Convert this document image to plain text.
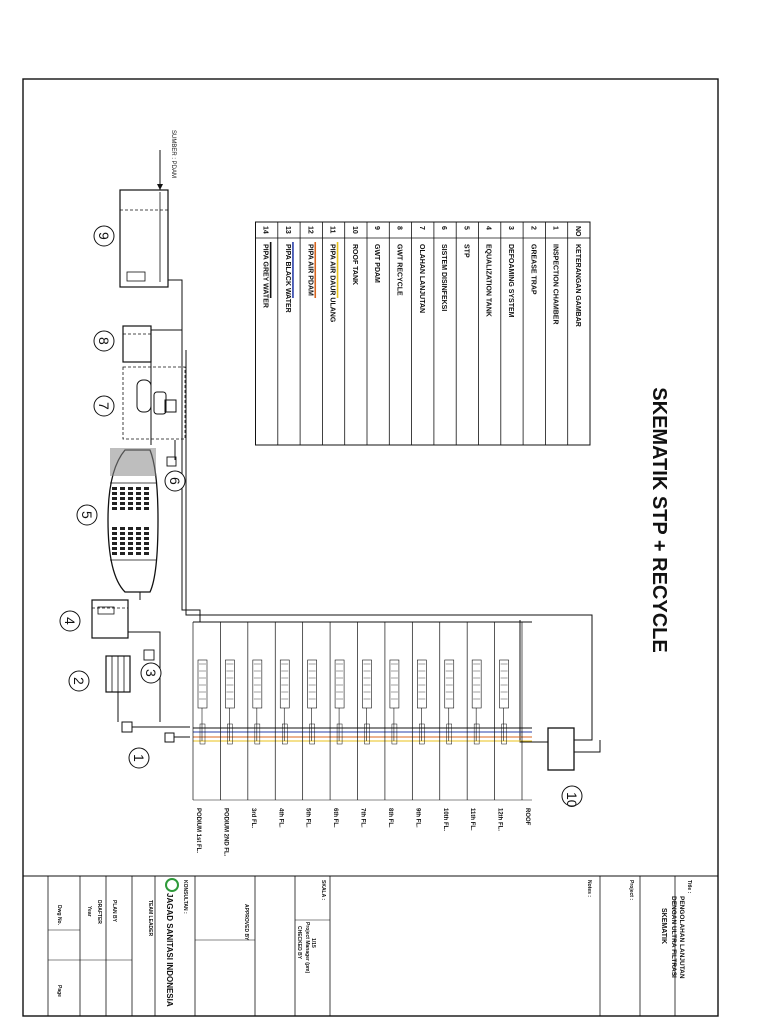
SKEMATIK STP + RECYCLE
NO
KETERANGAN GAMBAR
1
INSPECTION CHAMBER
2
GREASE TRAP
3
DEFOAMING SYSTEM
4
EQUALIZATION TANK
5
STP
6
SISTEM DISINFEKSI
7
OLAHAN LANJUTAN
8
GWT RECYCLE
9
GWT PDAM
10
ROOF TANK
11
PIPA AIR DAUR ULANG
12
PIPA AIR PDAM
13
PIPA BLACK WATER
14
PIPA GREY WATER
SUMBER : PDAM
PODIUM 1st FL.	PODIUM 2ND FL.	3rd FL.	4th FL.	5th FL.	6th FL.	7th FL.	8th FL.	9th FL.	10th FL.	11th FL.	12th FL.	ROOF
9
8
7
6
5
4
3
2
1
10
Dwg No.
Page
Year DRAFTER PLAN BY	TEAM LEADER JAGAD SANITASI INDONESIA KONSULTAN :
APPROVED BY
CHECKED BY Project Manager (pm)
SKALA :
1/15
Notes :	Project :	Title :
PENGOLAHAN LANJUTAN
DENGAN ULTRA FILTRASI
SKEMATIK
